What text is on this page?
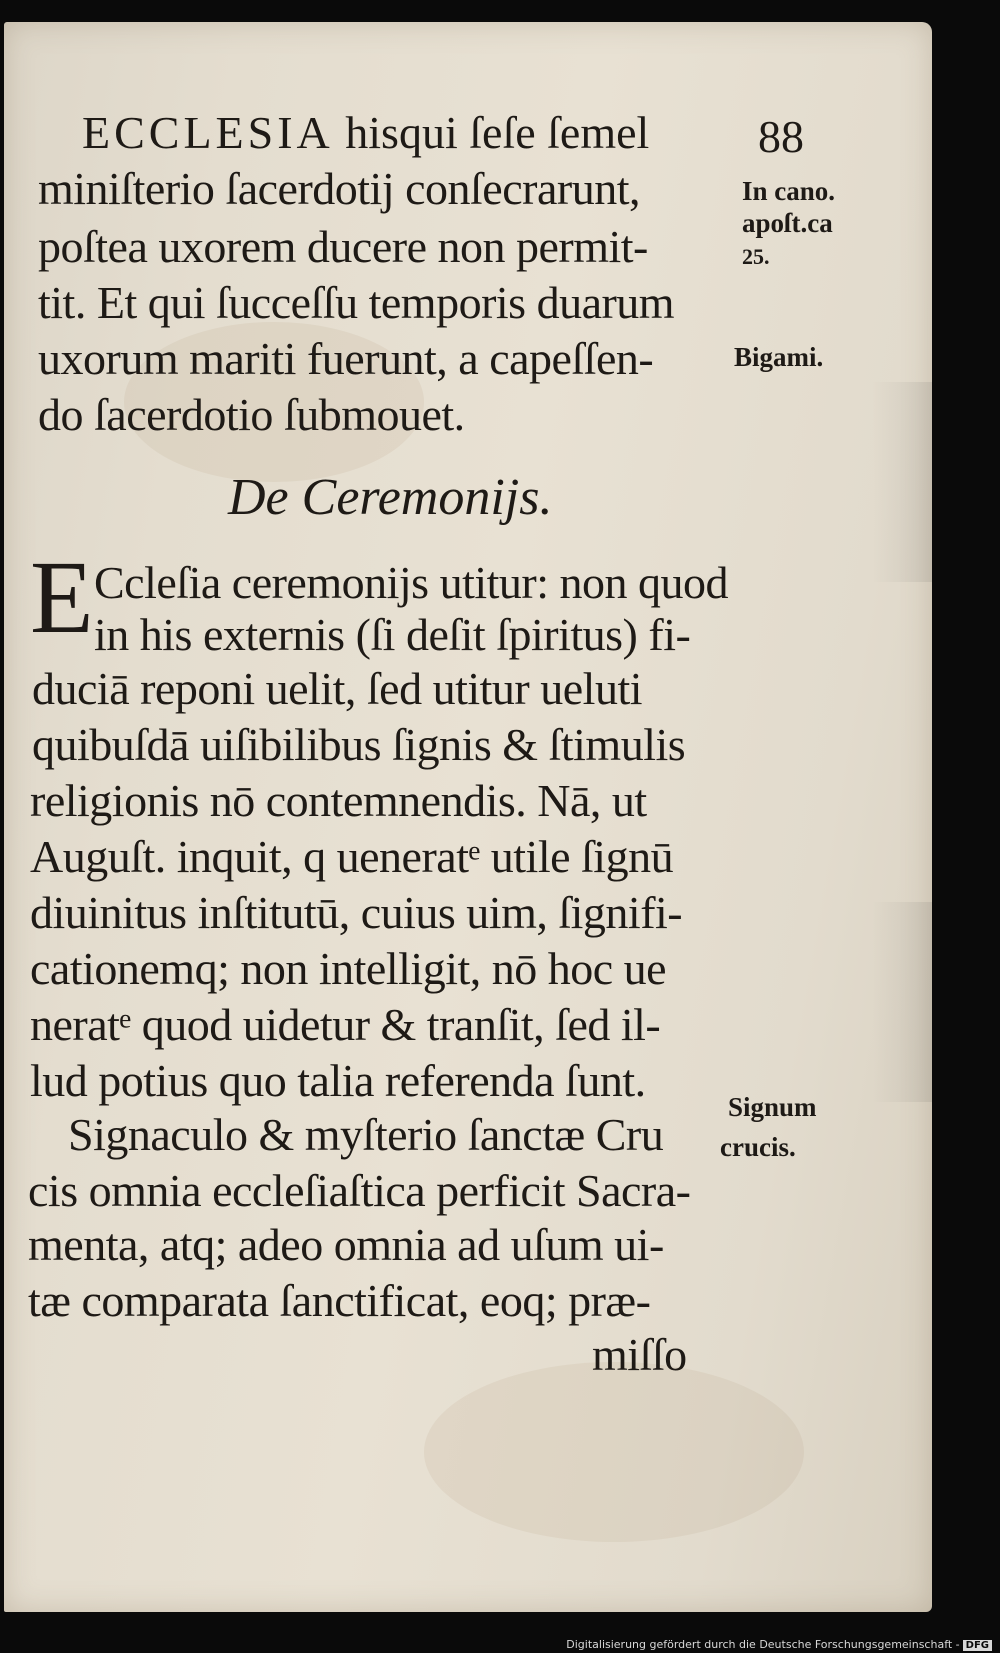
ECCLESIA hisqui ſeſe ſemel 88

miniſterio ſacerdotij conſecrarunt,

poſtea uxorem ducere non permit-

tit. Et qui ſucceſſu temporis duarum

uxorum mariti fuerunt, a capeſſen-

do ſacerdotio ſubmouet.

In cano.
apoſt.ca
25.
Bigami.

De Ceremonijs.

E Ccleſia ceremonijs utitur: non quod

in his externis (ſi deſit ſpiritus) fi-

duciā reponi uelit, ſed utitur ueluti

quibuſdā uiſibilibus ſignis & ſtimulis

religionis nō contemnendis. Nā, ut

Auguſt. inquit, q ueneratᵉ utile ſignū

diuinitus inſtitutū, cuius uim, ſignifi-

cationemq; non intelligit, nō hoc ue

neratᵉ quod uidetur & tranſit, ſed il-

lud potius quo talia referenda ſunt.

Signaculo & myſterio ſanctæ Cru

cis omnia eccleſiaſtica perficit Sacra-

menta, atq; adeo omnia ad uſum ui-

tæ comparata ſanctificat, eoq; præ-

miſſo

Signum
crucis.
Digitalisierung gefördert durch die Deutsche Forschungsgemeinschaft - DFG
